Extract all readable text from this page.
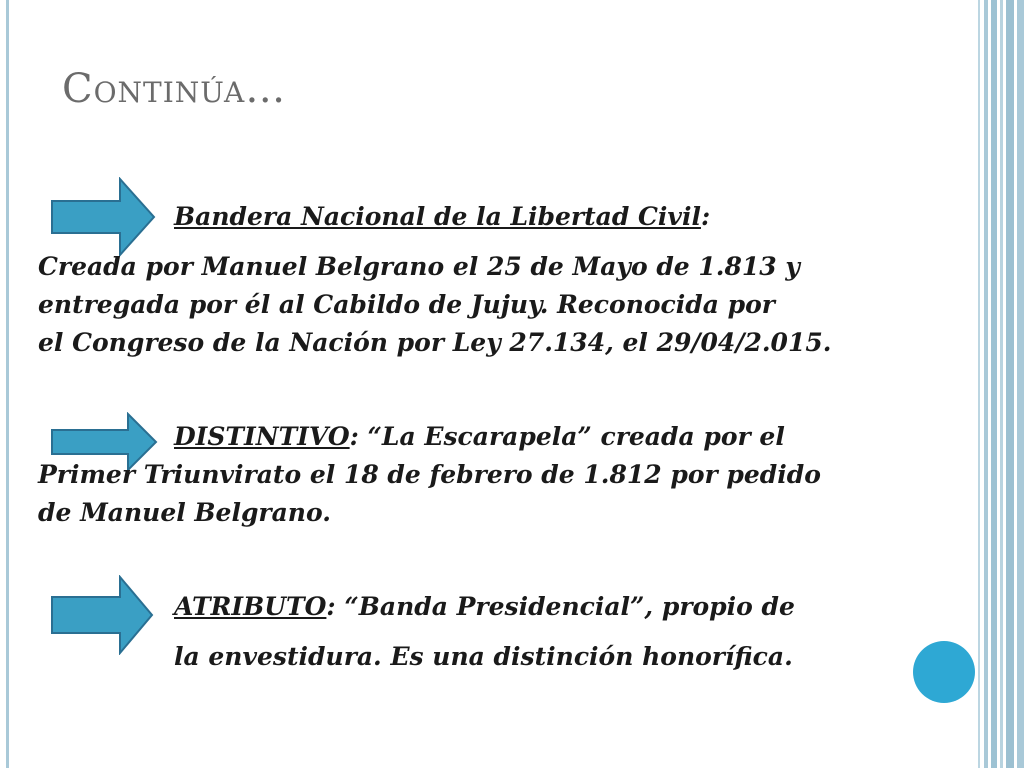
Continúa…
Bandera Nacional de la Libertad Civil:
Creada por Manuel Belgrano el 25 de Mayo de 1.813 y
entregada por él al Cabildo de Jujuy. Reconocida por
el Congreso de la Nación por Ley 27.134, el 29/04/2.015.
DISTINTIVO: “La Escarapela” creada por el
Primer Triunvirato el 18 de febrero de 1.812 por pedido
de Manuel Belgrano.
ATRIBUTO: “Banda Presidencial”, propio de
la envestidura. Es una distinción honorífica.
